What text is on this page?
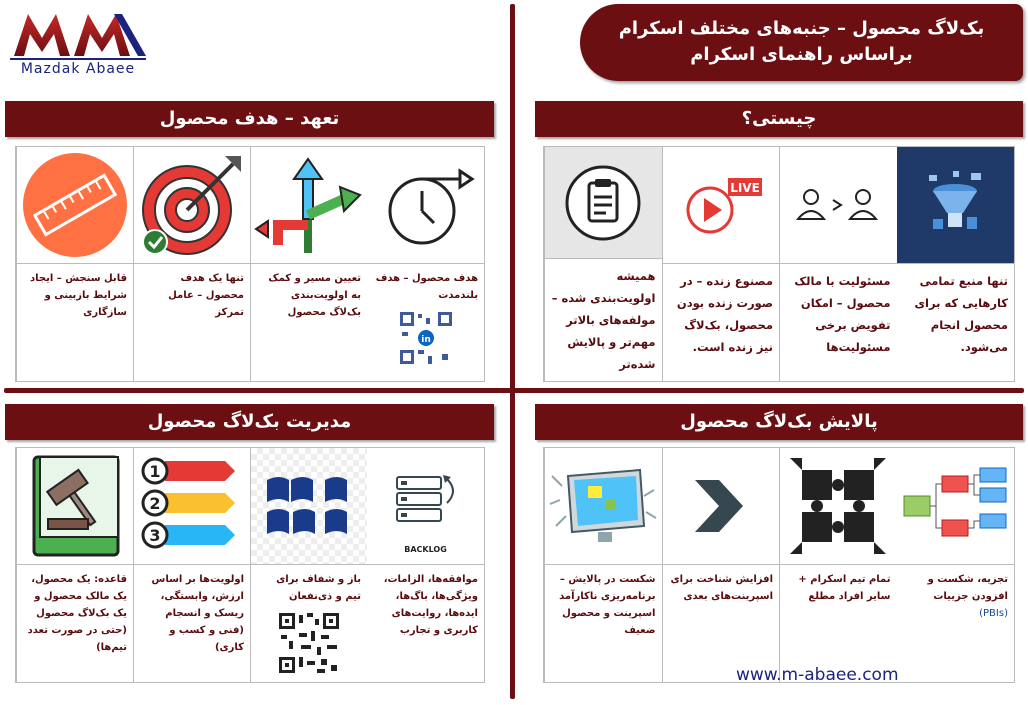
Mazdak Abaee
بک‌لاگ محصول – جنبه‌های مختلف اسکرام
براساس راهنمای اسکرام
چیستی؟
تنها منبع تمامی کارهایی که برای محصول انجام می‌شود.
مسئولیت با مالک محصول – امکان تفویض برخی مسئولیت‌ها
LIVE
مصنوع زنده – در صورت زنده بودن محصول، بک‌لاگ نیز زنده است.
همیشه اولویت‌بندی شده – مولفه‌های بالاتر مهم‌تر و پالایش شده‌تر
تعهد – هدف محصول
هدف محصول – هدف بلندمدت
in
تعیین مسیر و کمک به اولویت‌بندی بک‌لاگ محصول
تنها یک هدف محصول – عامل تمرکز
قابل سنجش – ایجاد شرایط بازبینی و سازگاری
پالایش بک‌لاگ محصول
تجزیه، شکست و افزودن جزییات (PBIs)
تمام تیم اسکرام + سایر افراد مطلع
افزایش شناخت برای اسپرینت‌های بعدی
شکست در پالایش – برنامه‌ریزی ناکارآمد اسپرینت و محصول ضعیف
مدیریت بک‌لاگ محصول
BACKLOG
موافقه‌ها، الزامات، ویژگی‌ها، باگ‌ها، ایده‌ها، روایت‌های کاربری و تجارب
باز و شفاف برای تیم و ذی‌نفعان
1
2
3
اولویت‌ها بر اساس ارزش، وابستگی، ریسک و انسجام (فنی و کسب و کاری)
قاعده: یک محصول، یک مالک محصول و یک بک‌لاگ محصول (حتی در صورت تعدد تیم‌ها)
www.m-abaee.com
